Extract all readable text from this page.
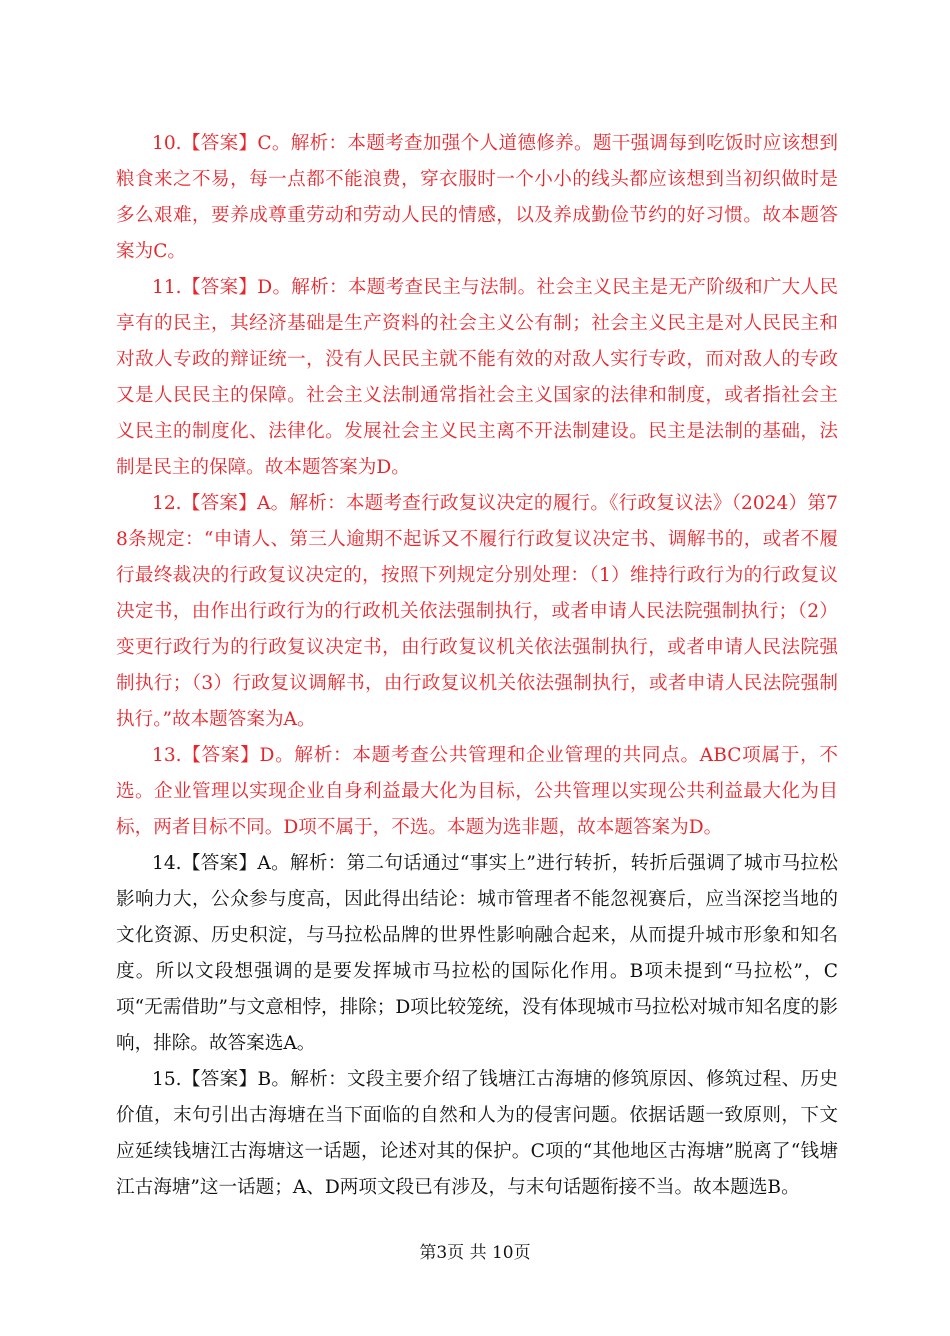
10.【答案】C。解析：本题考查加强个人道德修养。题干强调每到吃饭时应该想到粮食来之不易，每一点都不能浪费，穿衣服时一个小小的线头都应该想到当初织做时是多么艰难，要养成尊重劳动和劳动人民的情感，以及养成勤俭节约的好习惯。故本题答案为C。

11.【答案】D。解析：本题考查民主与法制。社会主义民主是无产阶级和广大人民享有的民主，其经济基础是生产资料的社会主义公有制；社会主义民主是对人民民主和对敌人专政的辩证统一，没有人民民主就不能有效的对敌人实行专政，而对敌人的专政又是人民民主的保障。社会主义法制通常指社会主义国家的法律和制度，或者指社会主义民主的制度化、法律化。发展社会主义民主离不开法制建设。民主是法制的基础，法制是民主的保障。故本题答案为D。

12.【答案】A。解析：本题考查行政复议决定的履行。《行政复议法》（2024）第78条规定：“申请人、第三人逾期不起诉又不履行行政复议决定书、调解书的，或者不履行最终裁决的行政复议决定的，按照下列规定分别处理：（1）维持行政行为的行政复议决定书，由作出行政行为的行政机关依法强制执行，或者申请人民法院强制执行；（2）变更行政行为的行政复议决定书，由行政复议机关依法强制执行，或者申请人民法院强制执行；（3）行政复议调解书，由行政复议机关依法强制执行，或者申请人民法院强制执行。”故本题答案为A。

13.【答案】D。解析：本题考查公共管理和企业管理的共同点。ABC项属于，不选。企业管理以实现企业自身利益最大化为目标，公共管理以实现公共利益最大化为目标，两者目标不同。D项不属于，不选。本题为选非题，故本题答案为D。

14.【答案】A。解析：第二句话通过“事实上”进行转折，转折后强调了城市马拉松影响力大，公众参与度高，因此得出结论：城市管理者不能忽视赛后，应当深挖当地的文化资源、历史积淀，与马拉松品牌的世界性影响融合起来，从而提升城市形象和知名度。所以文段想强调的是要发挥城市马拉松的国际化作用。B项未提到“马拉松”，C项“无需借助”与文意相悖，排除；D项比较笼统，没有体现城市马拉松对城市知名度的影响，排除。故答案选A。

15.【答案】B。解析：文段主要介绍了钱塘江古海塘的修筑原因、修筑过程、历史价值，末句引出古海塘在当下面临的自然和人为的侵害问题。依据话题一致原则，下文应延续钱塘江古海塘这一话题，论述对其的保护。C项的“其他地区古海塘”脱离了“钱塘江古海塘”这一话题；A、D两项文段已有涉及，与末句话题衔接不当。故本题选B。

第3页 共 10页
